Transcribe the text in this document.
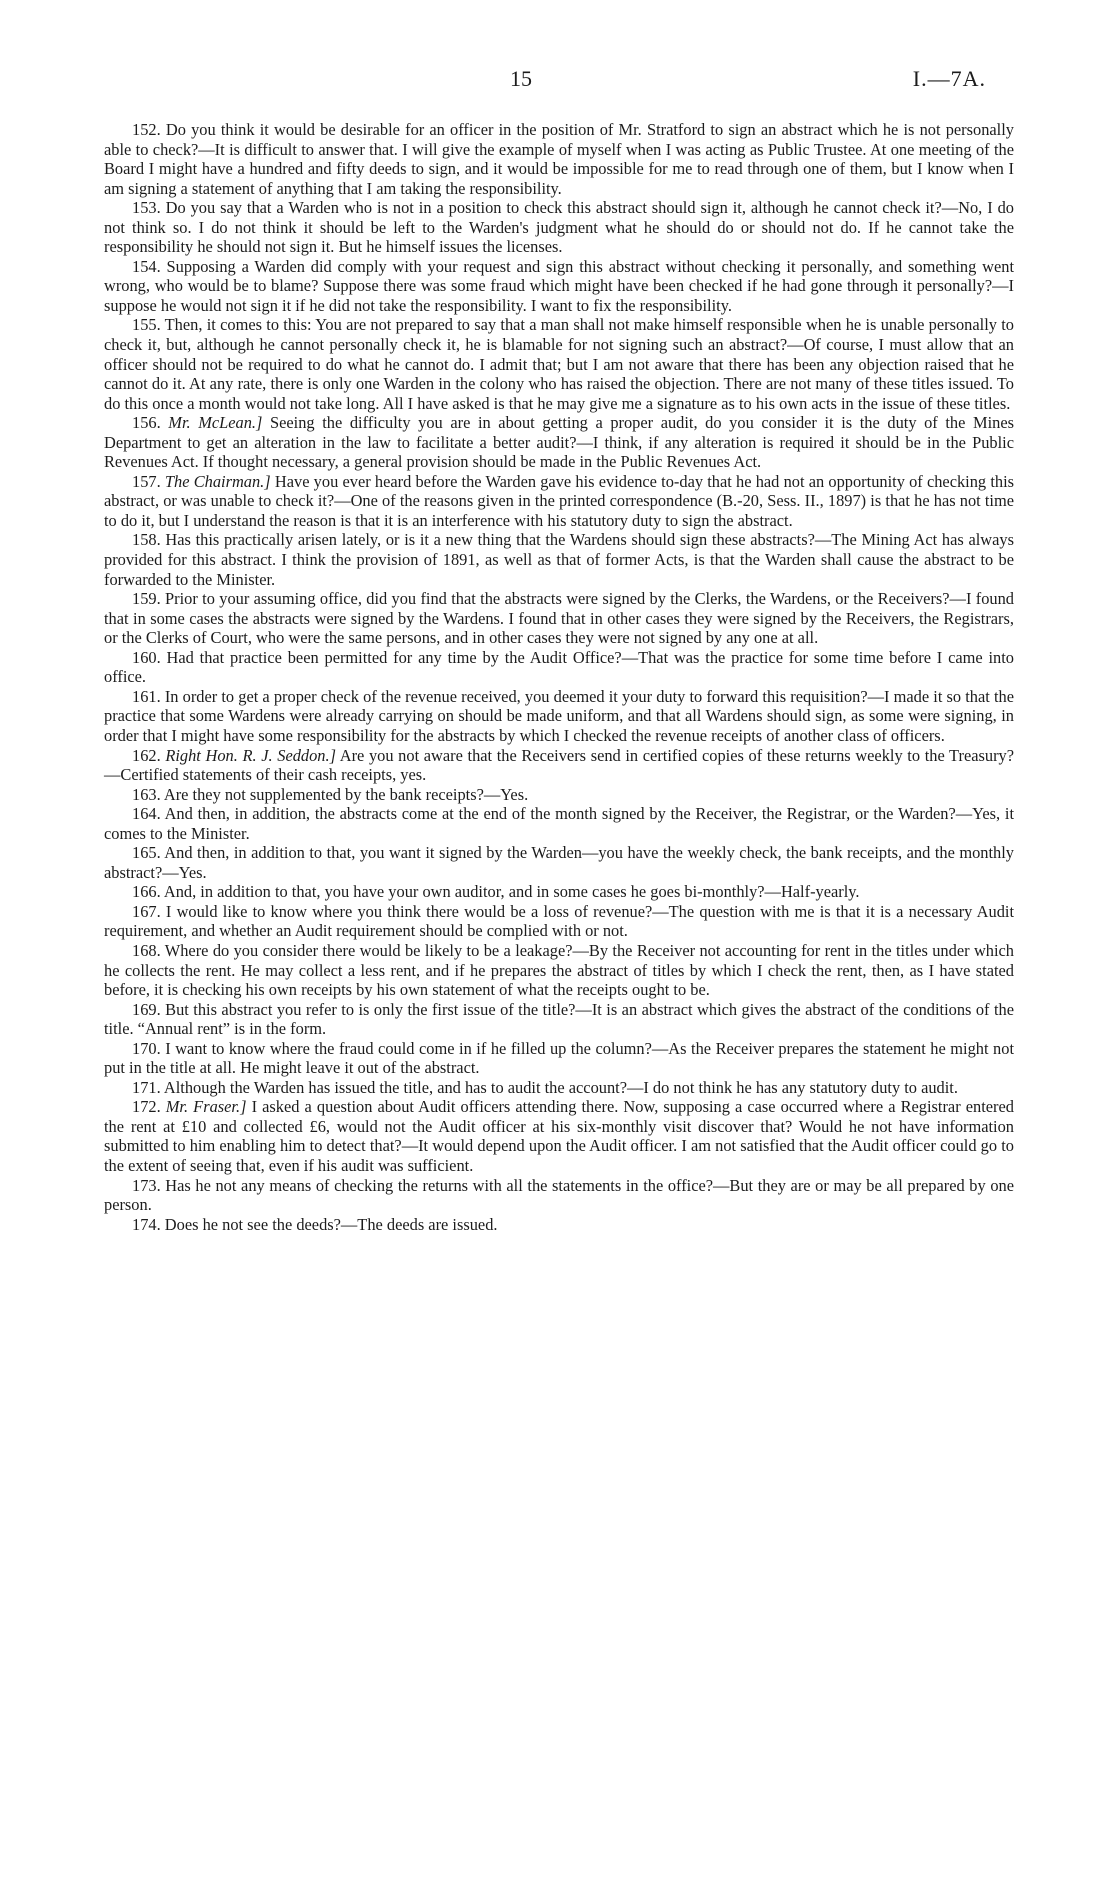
15	I.—7A.

152. Do you think it would be desirable for an officer in the position of Mr. Stratford to sign an abstract which he is not personally able to check?—It is difficult to answer that. I will give the example of myself when I was acting as Public Trustee. At one meeting of the Board I might have a hundred and fifty deeds to sign, and it would be impossible for me to read through one of them, but I know when I am signing a statement of anything that I am taking the responsibility.

153. Do you say that a Warden who is not in a position to check this abstract should sign it, although he cannot check it?—No, I do not think so. I do not think it should be left to the Warden's judgment what he should do or should not do. If he cannot take the responsibility he should not sign it. But he himself issues the licenses.

154. Supposing a Warden did comply with your request and sign this abstract without checking it personally, and something went wrong, who would be to blame? Suppose there was some fraud which might have been checked if he had gone through it personally?—I suppose he would not sign it if he did not take the responsibility. I want to fix the responsibility.

155. Then, it comes to this: You are not prepared to say that a man shall not make himself responsible when he is unable personally to check it, but, although he cannot personally check it, he is blamable for not signing such an abstract?—Of course, I must allow that an officer should not be required to do what he cannot do. I admit that; but I am not aware that there has been any objection raised that he cannot do it. At any rate, there is only one Warden in the colony who has raised the objection. There are not many of these titles issued. To do this once a month would not take long. All I have asked is that he may give me a signature as to his own acts in the issue of these titles.

156. Mr. McLean.] Seeing the difficulty you are in about getting a proper audit, do you consider it is the duty of the Mines Department to get an alteration in the law to facilitate a better audit?—I think, if any alteration is required it should be in the Public Revenues Act. If thought necessary, a general provision should be made in the Public Revenues Act.

157. The Chairman.] Have you ever heard before the Warden gave his evidence to-day that he had not an opportunity of checking this abstract, or was unable to check it?—One of the reasons given in the printed correspondence (B.-20, Sess. II., 1897) is that he has not time to do it, but I understand the reason is that it is an interference with his statutory duty to sign the abstract.

158. Has this practically arisen lately, or is it a new thing that the Wardens should sign these abstracts?—The Mining Act has always provided for this abstract. I think the provision of 1891, as well as that of former Acts, is that the Warden shall cause the abstract to be forwarded to the Minister.

159. Prior to your assuming office, did you find that the abstracts were signed by the Clerks, the Wardens, or the Receivers?—I found that in some cases the abstracts were signed by the Wardens. I found that in other cases they were signed by the Receivers, the Registrars, or the Clerks of Court, who were the same persons, and in other cases they were not signed by any one at all.

160. Had that practice been permitted for any time by the Audit Office?—That was the practice for some time before I came into office.

161. In order to get a proper check of the revenue received, you deemed it your duty to forward this requisition?—I made it so that the practice that some Wardens were already carrying on should be made uniform, and that all Wardens should sign, as some were signing, in order that I might have some responsibility for the abstracts by which I checked the revenue receipts of another class of officers.

162. Right Hon. R. J. Seddon.] Are you not aware that the Receivers send in certified copies of these returns weekly to the Treasury?—Certified statements of their cash receipts, yes.

163. Are they not supplemented by the bank receipts?—Yes.

164. And then, in addition, the abstracts come at the end of the month signed by the Receiver, the Registrar, or the Warden?—Yes, it comes to the Minister.

165. And then, in addition to that, you want it signed by the Warden—you have the weekly check, the bank receipts, and the monthly abstract?—Yes.

166. And, in addition to that, you have your own auditor, and in some cases he goes bi-monthly?—Half-yearly.

167. I would like to know where you think there would be a loss of revenue?—The question with me is that it is a necessary Audit requirement, and whether an Audit requirement should be complied with or not.

168. Where do you consider there would be likely to be a leakage?—By the Receiver not accounting for rent in the titles under which he collects the rent. He may collect a less rent, and if he prepares the abstract of titles by which I check the rent, then, as I have stated before, it is checking his own receipts by his own statement of what the receipts ought to be.

169. But this abstract you refer to is only the first issue of the title?—It is an abstract which gives the abstract of the conditions of the title. “Annual rent” is in the form.

170. I want to know where the fraud could come in if he filled up the column?—As the Receiver prepares the statement he might not put in the title at all. He might leave it out of the abstract.

171. Although the Warden has issued the title, and has to audit the account?—I do not think he has any statutory duty to audit.

172. Mr. Fraser.] I asked a question about Audit officers attending there. Now, supposing a case occurred where a Registrar entered the rent at £10 and collected £6, would not the Audit officer at his six-monthly visit discover that? Would he not have information submitted to him enabling him to detect that?—It would depend upon the Audit officer. I am not satisfied that the Audit officer could go to the extent of seeing that, even if his audit was sufficient.

173. Has he not any means of checking the returns with all the statements in the office?—But they are or may be all prepared by one person.

174. Does he not see the deeds?—The deeds are issued.
